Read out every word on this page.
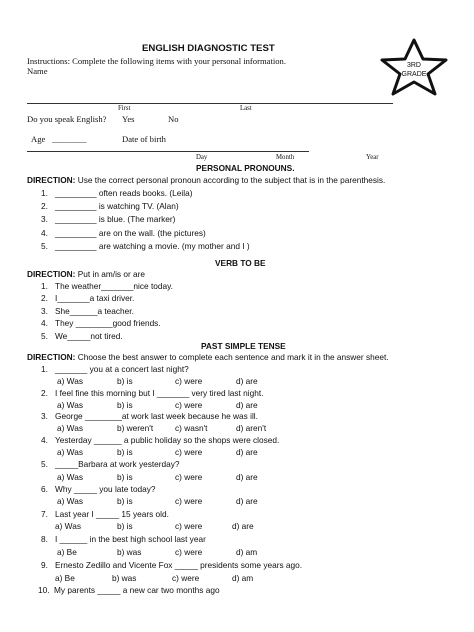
ENGLISH DIAGNOSTIC TEST
Instructions: Complete the following items with your personal information.
Name
3RD
GRADE
First	Last
Do you speak English? Yes	No
Age ________	Date of birth
Day	Month	Year
PERSONAL PRONOUNS.
DIRECTION: Use the correct personal pronoun according to the subject that is in the parenthesis.
1. _________ often reads books. (Leila)
2. _________ is watching TV. (Alan)
3. _________ is blue. (The marker)
4. _________ are on the wall. (the pictures)
5. _________ are watching a movie. (my mother and I )
VERB TO BE
DIRECTION: Put in am/is or are
1. The weather_______nice today.
2. I_______a taxi driver.
3. She______a teacher.
4. They ________good friends.
5. We_____not tired.
PAST SIMPLE TENSE
DIRECTION: Choose the best answer to complete each sentence and mark it in the answer sheet.
1. _______ you at a concert last night?
a) Was	b) is	c) were	d) are
2. I feel fine this morning but I _______ very tired last night.
a) Was	b) is	c) were	d) are
3. George ________at work last week because he was ill.
a) Was	b) weren't	c) wasn't	d) aren't
4. Yesterday ______ a public holiday so the shops were closed.
a) Was	b) is	c) were	d) are
5. _____Barbara at work yesterday?
a) Was	b) is	c) were	d) are
6. Why _____ you late today?
a) Was	b) is	c) were	d) are
7. Last year I _____ 15 years old.
a) Was	b) is	c) were	d) are
8. I ______ in the best high school last year
a) Be	b) was	c) were	d) am
9. Ernesto Zedillo and Vicente Fox _____ presidents some years ago.
a) Be	b) was	c) were	d) am
10. My parents _____ a new car two months ago
